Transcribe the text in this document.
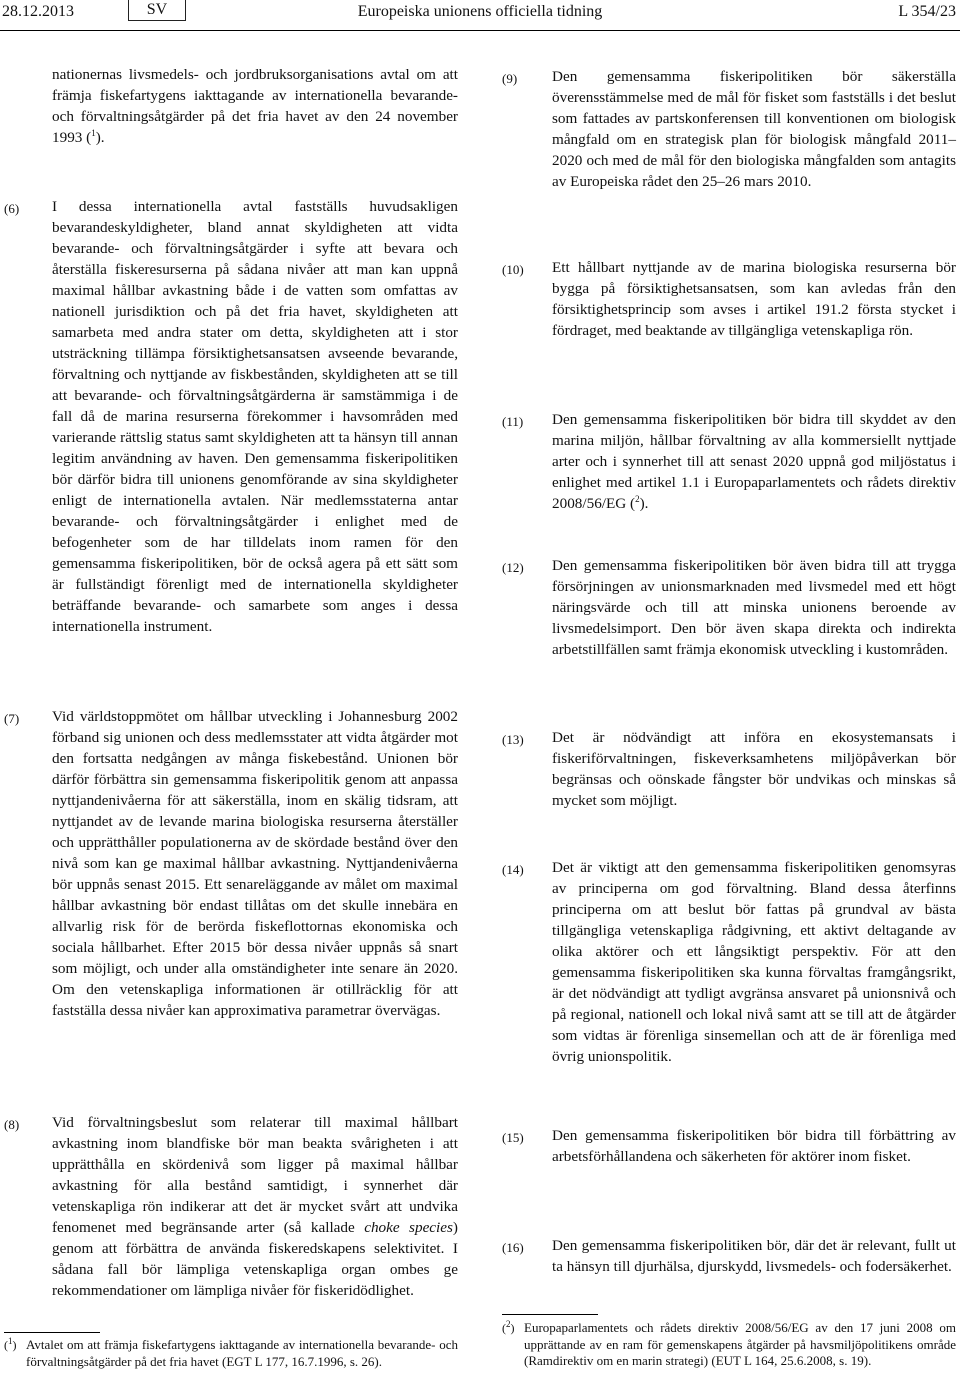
28.12.2013	SV	Europeiska unionens officiella tidning	L 354/23
nationernas livsmedels- och jordbruksorganisations avtal om att främja fiskefartygens iakttagande av internationella bevarande- och förvaltningsåtgärder på det fria havet av den 24 november 1993 ($^1$).
(6) I dessa internationella avtal fastställs huvudsakligen bevarandeskyldigheter, bland annat skyldigheten att vidta bevarande- och förvaltningsåtgärder i syfte att bevara och återställa fiskeresurserna på sådana nivåer att man kan uppnå maximal hållbar avkastning både i de vatten som omfattas av nationell jurisdiktion och på det fria havet, skyldigheten att samarbeta med andra stater om detta, skyldigheten att i stor utsträckning tillämpa försiktighetsansatsen avseende bevarande, förvaltning och nyttjande av fiskbestånden, skyldigheten att se till att bevarande- och förvaltningsåtgärderna är samstämmiga i de fall då de marina resurserna förekommer i havsområden med varierande rättslig status samt skyldigheten att ta hänsyn till annan legitim användning av haven. Den gemensamma fiskeripolitiken bör därför bidra till unionens genomförande av sina skyldigheter enligt de internationella avtalen. När medlemsstaterna antar bevarande- och förvaltningsåtgärder i enlighet med de befogenheter som de har tilldelats inom ramen för den gemensamma fiskeripolitiken, bör de också agera på ett sätt som är fullständigt förenligt med de internationella skyldigheter beträffande bevarande- och samarbete som anges i dessa internationella instrument.
(7) Vid världstoppmötet om hållbar utveckling i Johannesburg 2002 förband sig unionen och dess medlemsstater att vidta åtgärder mot den fortsatta nedgången av många fiskebestånd. Unionen bör därför förbättra sin gemensamma fiskeripolitik genom att anpassa nyttjandenivåerna för att säkerställa, inom en skälig tidsram, att nyttjandet av de levande marina biologiska resurserna återställer och upprätthåller populationerna av de skördade bestånd över den nivå som kan ge maximal hållbar avkastning. Nyttjandenivåerna bör uppnås senast 2015. Ett senareläggande av målet om maximal hållbar avkastning bör endast tillåtas om det skulle innebära en allvarlig risk för de berörda fiskeflottornas ekonomiska och sociala hållbarhet. Efter 2015 bör dessa nivåer uppnås så snart som möjligt, och under alla omständigheter inte senare än 2020. Om den vetenskapliga informationen är otillräcklig för att fastställa dessa nivåer kan approximativa parametrar övervägas.
(8) Vid förvaltningsbeslut som relaterar till maximal hållbart avkastning inom blandfiske bör man beakta svårigheten i att upprätthålla en skördenivå som ligger på maximal hållbar avkastning för alla bestånd samtidigt, i synnerhet där vetenskapliga rön indikerar att det är mycket svårt att undvika fenomenet med begränsande arter (så kallade choke species) genom att förbättra de använda fiskeredskapens selektivitet. I sådana fall bör lämpliga vetenskapliga organ ombes ge rekommendationer om lämpliga nivåer för fiskeridödlighet.
($^1$) Avtalet om att främja fiskefartygens iakttagande av internationella bevarande- och förvaltningsåtgärder på det fria havet (EGT L 177, 16.7.1996, s. 26).
(9) Den gemensamma fiskeripolitiken bör säkerställa överensstämmelse med de mål för fisket som fastställs i det beslut som fattades av partskonferensen till konventionen om biologisk mångfald om en strategisk plan för biologisk mångfald 2011–2020 och med de mål för den biologiska mångfalden som antagits av Europeiska rådet den 25–26 mars 2010.
(10) Ett hållbart nyttjande av de marina biologiska resurserna bör bygga på försiktighetsansatsen, som kan avledas från den försiktighetsprincip som avses i artikel 191.2 första stycket i fördraget, med beaktande av tillgängliga vetenskapliga rön.
(11) Den gemensamma fiskeripolitiken bör bidra till skyddet av den marina miljön, hållbar förvaltning av alla kommersiellt nyttjade arter och i synnerhet till att senast 2020 uppnå god miljöstatus i enlighet med artikel 1.1 i Europaparlamentets och rådets direktiv 2008/56/EG ($^2$).
(12) Den gemensamma fiskeripolitiken bör även bidra till att trygga försörjningen av unionsmarknaden med livsmedel med ett högt näringsvärde och till att minska unionens beroende av livsmedelsimport. Den bör även skapa direkta och indirekta arbetstillfällen samt främja ekonomisk utveckling i kustområden.
(13) Det är nödvändigt att införa en ekosystemansats i fiskeriförvaltningen, fiskeverksamhetens miljöpåverkan bör begränsas och oönskade fångster bör undvikas och minskas så mycket som möjligt.
(14) Det är viktigt att den gemensamma fiskeripolitiken genomsyras av principerna om god förvaltning. Bland dessa återfinns principerna om att beslut bör fattas på grundval av bästa tillgängliga vetenskapliga rådgivning, ett aktivt deltagande av olika aktörer och ett långsiktigt perspektiv. För att den gemensamma fiskeripolitiken ska kunna förvaltas framgångsrikt, är det nödvändigt att tydligt avgränsa ansvaret på unionsnivå och på regional, nationell och lokal nivå samt att se till att de åtgärder som vidtas är förenliga sinsemellan och att de är förenliga med övrig unionspolitik.
(15) Den gemensamma fiskeripolitiken bör bidra till förbättring av arbetsförhållandena och säkerheten för aktörer inom fisket.
(16) Den gemensamma fiskeripolitiken bör, där det är relevant, fullt ut ta hänsyn till djurhälsa, djurskydd, livsmedels- och fodersäkerhet.
($^2$) Europaparlamentets och rådets direktiv 2008/56/EG av den 17 juni 2008 om upprättande av en ram för gemenskapens åtgärder på havsmiljöpolitikens område (Ramdirektiv om en marin strategi) (EUT L 164, 25.6.2008, s. 19).
